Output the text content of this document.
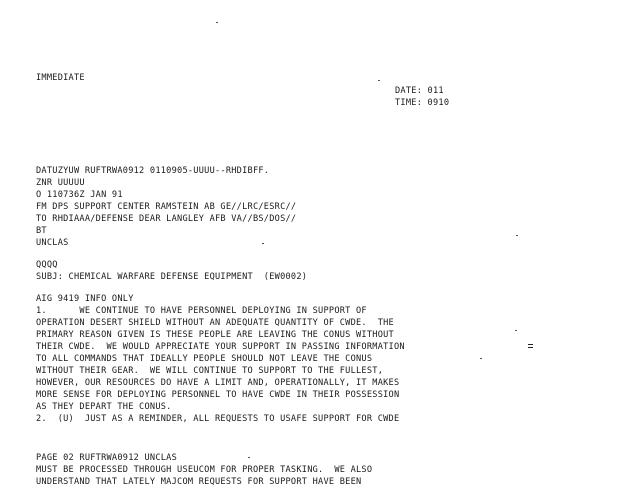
IMMEDIATE
DATE: 011
TIME: 0910
DATUZYUW RUFTRWA0912 0110905-UUUU--RHDIBFF.
ZNR UUUUU
O 110736Z JAN 91
FM DPS SUPPORT CENTER RAMSTEIN AB GE//LRC/ESRC//
TO RHDIAAA/DEFENSE DEAR LANGLEY AFB VA//BS/DOS//
BT
UNCLAS
QQQQ
SUBJ: CHEMICAL WARFARE DEFENSE EQUIPMENT  (EW0002)
AIG 9419 INFO ONLY
1.      WE CONTINUE TO HAVE PERSONNEL DEPLOYING IN SUPPORT OF
OPERATION DESERT SHIELD WITHOUT AN ADEQUATE QUANTITY OF CWDE.  THE
PRIMARY REASON GIVEN IS THESE PEOPLE ARE LEAVING THE CONUS WITHOUT
THEIR CWDE.  WE WOULD APPRECIATE YOUR SUPPORT IN PASSING INFORMATION
TO ALL COMMANDS THAT IDEALLY PEOPLE SHOULD NOT LEAVE THE CONUS
WITHOUT THEIR GEAR.  WE WILL CONTINUE TO SUPPORT TO THE FULLEST,
HOWEVER, OUR RESOURCES DO HAVE A LIMIT AND, OPERATIONALLY, IT MAKES
MORE SENSE FOR DEPLOYING PERSONNEL TO HAVE CWDE IN THEIR POSSESSION
AS THEY DEPART THE CONUS.
2.  (U)  JUST AS A REMINDER, ALL REQUESTS TO USAFE SUPPORT FOR CWDE
PAGE 02 RUFTRWA0912 UNCLAS
MUST BE PROCESSED THROUGH USEUCOM FOR PROPER TASKING.  WE ALSO
UNDERSTAND THAT LATELY MAJCOM REQUESTS FOR SUPPORT HAVE BEEN
